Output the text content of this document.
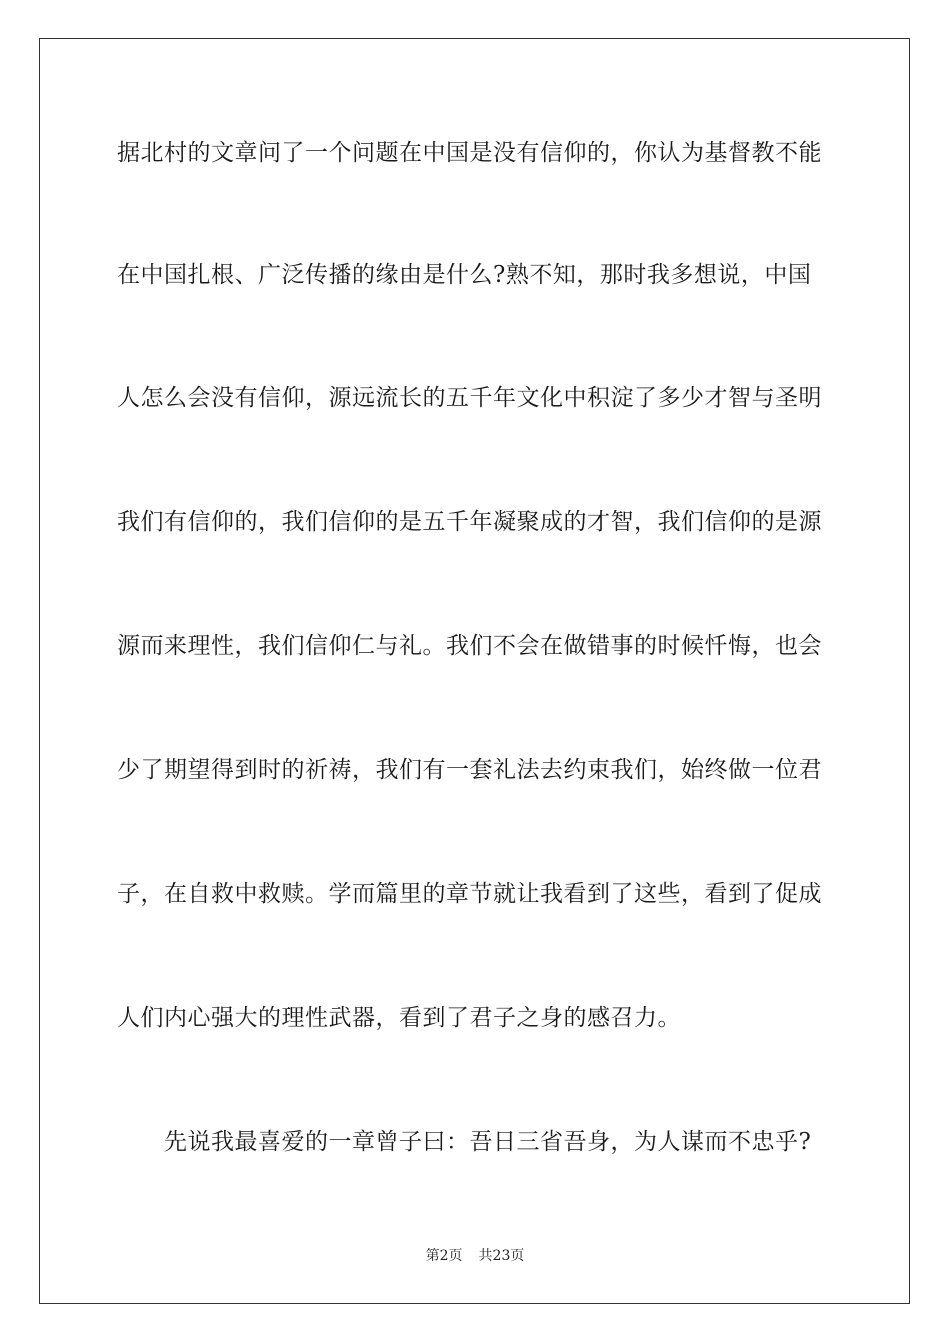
据北村的文章问了一个问题在中国是没有信仰的，你认为基督教不能
在中国扎根、广泛传播的缘由是什么?熟不知，那时我多想说，中国
人怎么会没有信仰，源远流长的五千年文化中积淀了多少才智与圣明
我们有信仰的，我们信仰的是五千年凝聚成的才智，我们信仰的是源
源而来理性，我们信仰仁与礼。我们不会在做错事的时候忏悔，也会
少了期望得到时的祈祷，我们有一套礼法去约束我们，始终做一位君
子，在自救中救赎。学而篇里的章节就让我看到了这些，看到了促成
人们内心强大的理性武器，看到了君子之身的感召力。
先说我最喜爱的一章曾子曰：吾日三省吾身，为人谋而不忠乎?
第2页 共23页
